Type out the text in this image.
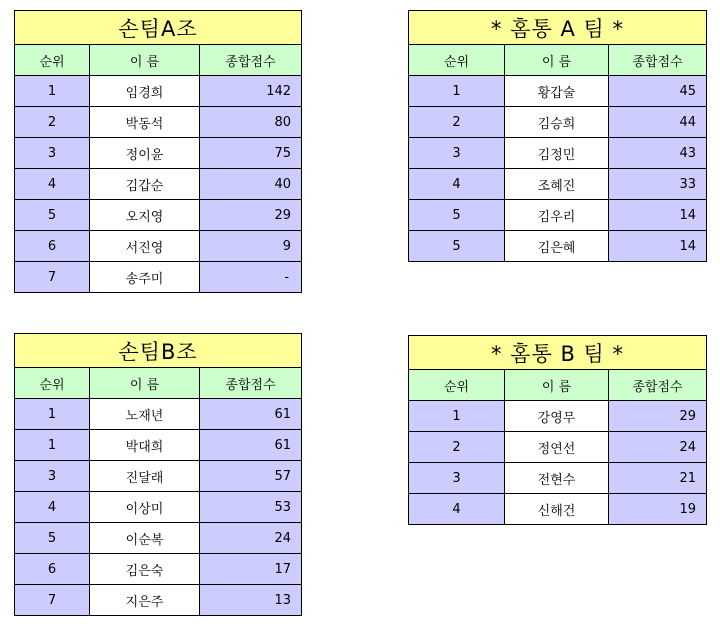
손팀A조		
순위	이 름	종합점수
1	임경희	142
2	박동석	80
3	정이윤	75
4	김갑순	40
5	오지영	29
6	서진영	9
7	송주미	-
* 홈통 A 팀 *		
순위	이 름	종합점수
1	황갑술	45
2	김승희	44
3	김정민	43
4	조혜진	33
5	김우리	14
5	김은혜	14
손팀B조		
순위	이 름	종합점수
1	노재년	61
1	박대희	61
3	진달래	57
4	이상미	53
5	이순복	24
6	김은숙	17
7	지은주	13
* 홈통 B 팀 *		
순위	이 름	종합점수
1	강영무	29
2	정연선	24
3	전현수	21
4	신해건	19
